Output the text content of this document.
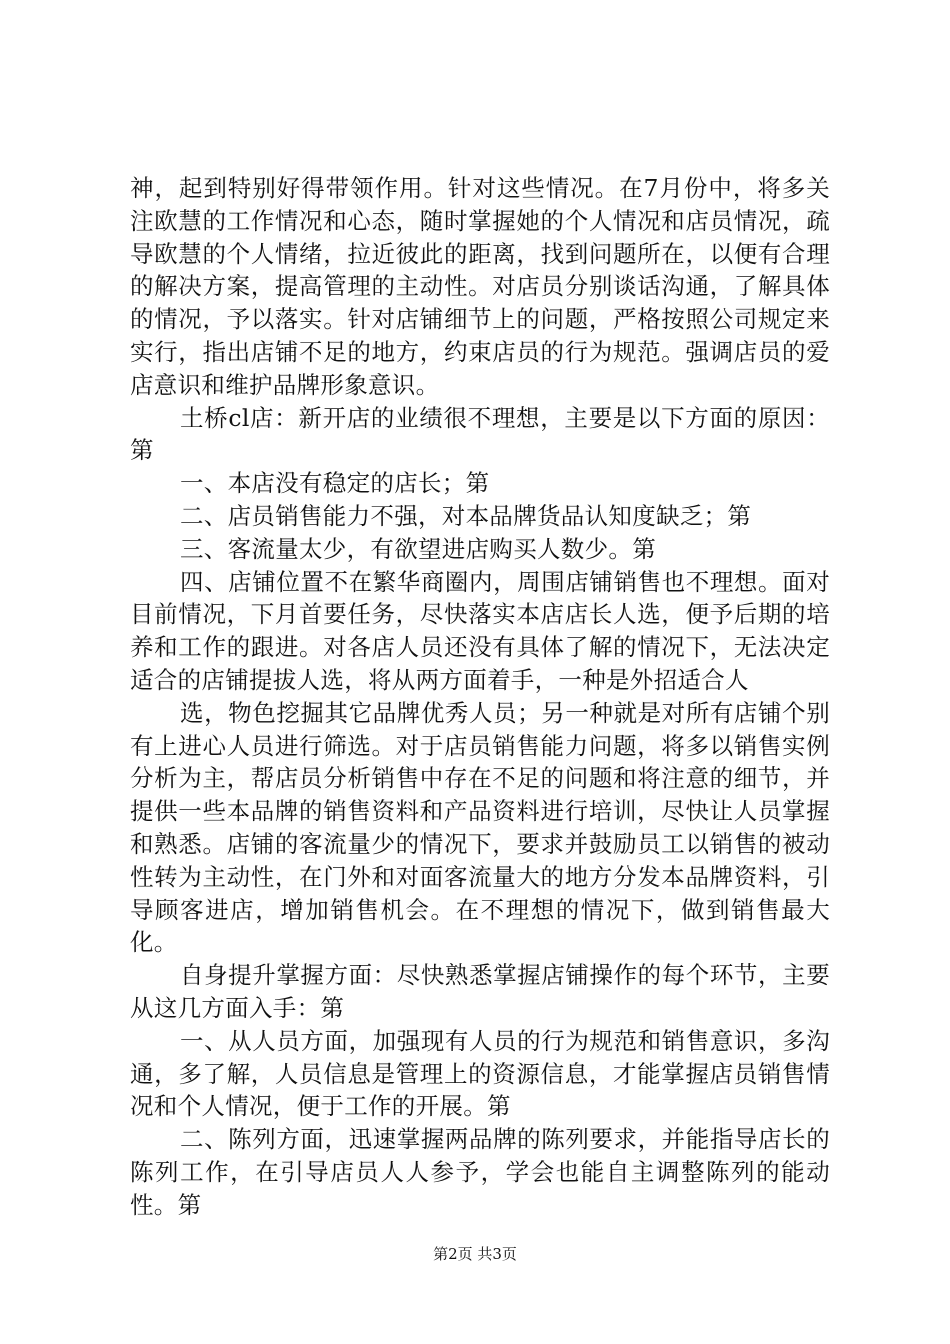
神，起到特别好得带领作用。针对这些情况。在7月份中，将多关注欧慧的工作情况和心态，随时掌握她的个人情况和店员情况，疏导欧慧的个人情绪，拉近彼此的距离，找到问题所在，以便有合理的解决方案，提高管理的主动性。对店员分别谈话沟通，了解具体的情况，予以落实。针对店铺细节上的问题，严格按照公司规定来实行，指出店铺不足的地方，约束店员的行为规范。强调店员的爱店意识和维护品牌形象意识。

土桥cl店：新开店的业绩很不理想，主要是以下方面的原因：第

一、本店没有稳定的店长；第

二、店员销售能力不强，对本品牌货品认知度缺乏；第

三、客流量太少，有欲望进店购买人数少。第

四、店铺位置不在繁华商圈内，周围店铺销售也不理想。面对目前情况，下月首要任务，尽快落实本店店长人选，便予后期的培养和工作的跟进。对各店人员还没有具体了解的情况下，无法决定适合的店铺提拔人选，将从两方面着手，一种是外招适合人

选，物色挖掘其它品牌优秀人员；另一种就是对所有店铺个别有上进心人员进行筛选。对于店员销售能力问题，将多以销售实例分析为主，帮店员分析销售中存在不足的问题和将注意的细节，并提供一些本品牌的销售资料和产品资料进行培训，尽快让人员掌握和熟悉。店铺的客流量少的情况下，要求并鼓励员工以销售的被动性转为主动性，在门外和对面客流量大的地方分发本品牌资料，引导顾客进店，增加销售机会。在不理想的情况下，做到销售最大化。

自身提升掌握方面：尽快熟悉掌握店铺操作的每个环节，主要从这几方面入手：第

一、从人员方面，加强现有人员的行为规范和销售意识，多沟通，多了解，人员信息是管理上的资源信息，才能掌握店员销售情况和个人情况，便于工作的开展。第

二、陈列方面，迅速掌握两品牌的陈列要求，并能指导店长的陈列工作，在引导店员人人参予，学会也能自主调整陈列的能动性。第

第2页 共3页
